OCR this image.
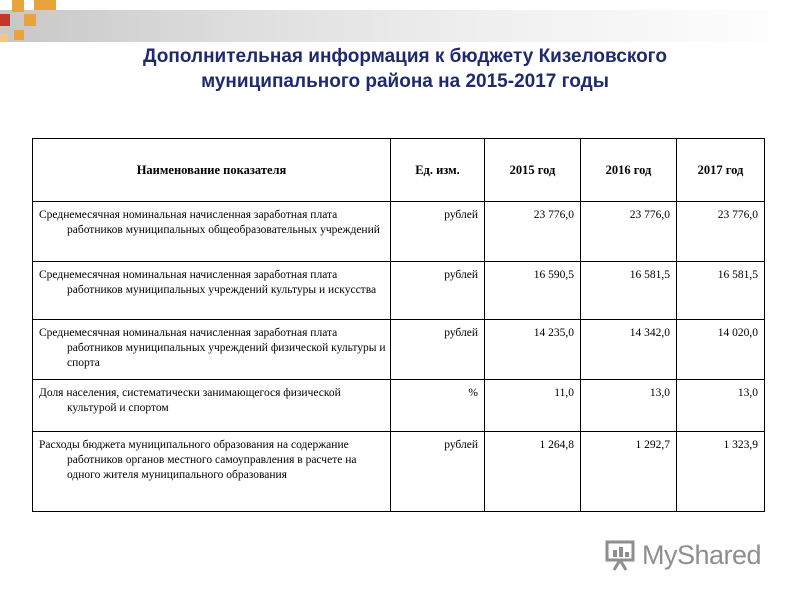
Дополнительная информация к бюджету Кизеловского
муниципального района на 2015-2017 годы
Наименование показателя	Ед. изм.	2015 год	2016 год	2017 год
Среднемесячная номинальная начисленная заработная плата работников муниципальных общеобразовательных учреждений	рублей	23 776,0	23 776,0	23 776,0
Среднемесячная номинальная начисленная заработная плата работников муниципальных учреждений культуры и искусства	рублей	16 590,5	16 581,5	16 581,5
Среднемесячная номинальная начисленная заработная плата работников муниципальных учреждений физической культуры и спорта	рублей	14 235,0	14 342,0	14 020,0
Доля населения, систематически занимающегося физической культурой и спортом	%	11,0	13,0	13,0
Расходы бюджета муниципального образования на содержание работников органов местного самоуправления в расчете на одного жителя муниципального образования	рублей	1 264,8	1 292,7	1 323,9
MyShared
